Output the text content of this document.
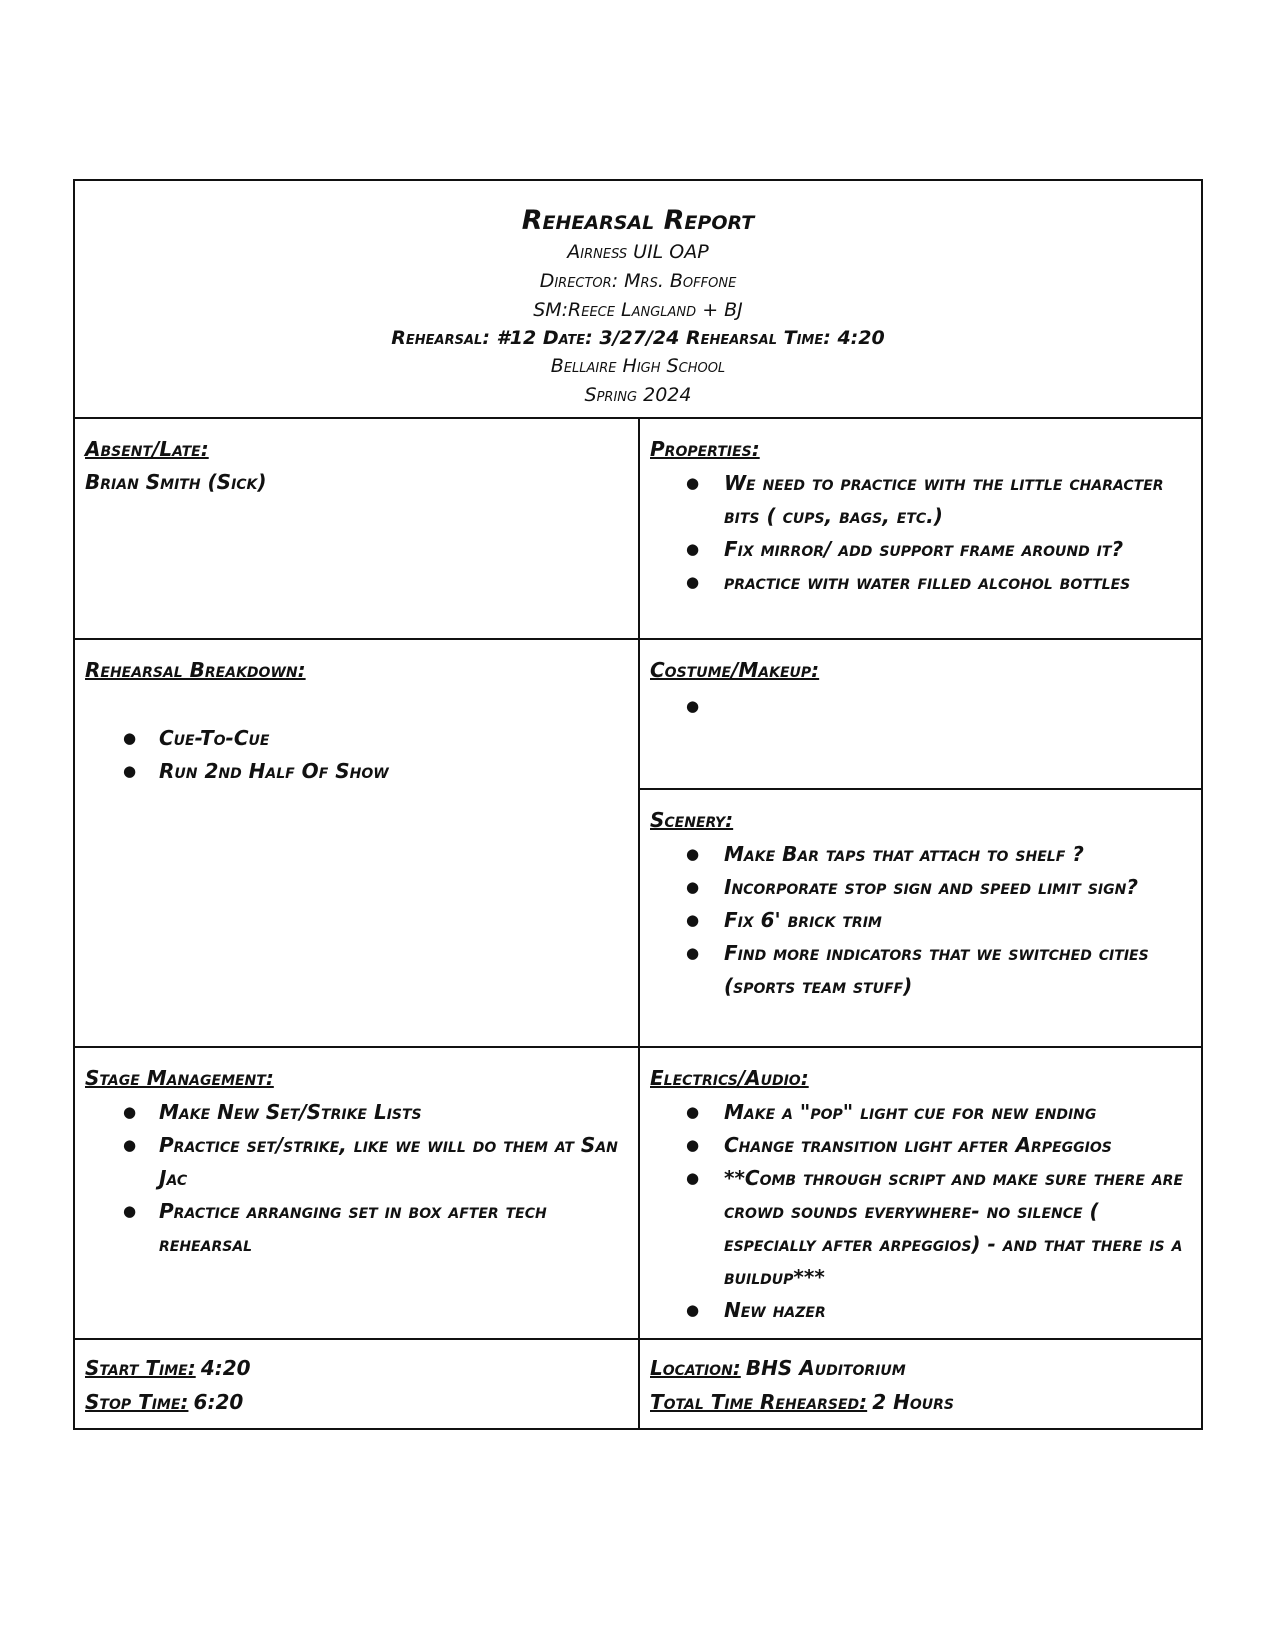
Rehearsal Report
Airness UIL OAP
Director: Mrs. Boffone
SM:Reece Langland + BJ
Rehearsal: #12 Date: 3/27/24 Rehearsal Time: 4:20
Bellaire High School
Spring 2024
Absent/Late:
Brian Smith (Sick)
Properties:
● We need to practice with the little character bits ( cups, bags, etc.)
● Fix mirror/ add support frame around it?
● practice with water filled alcohol bottles
Rehearsal Breakdown:
● Cue-To-Cue
● Run 2nd Half Of Show
Costume/Makeup:
●
Scenery:
● Make Bar taps that attach to shelf ?
● Incorporate stop sign and speed limit sign?
● Fix 6' brick trim
● Find more indicators that we switched cities (sports team stuff)
Stage Management:
● Make New Set/Strike Lists
● Practice set/strike, like we will do them at San Jac
● Practice arranging set in box after tech rehearsal
Electrics/Audio:
● Make a "pop" light cue for new ending
● Change transition light after Arpeggios
● **Comb through script and make sure there are crowd sounds everywhere- no silence ( especially after arpeggios) - and that there is a buildup***
● New hazer
Start Time: 4:20
Stop Time: 6:20
Location: BHS Auditorium
Total Time Rehearsed: 2 Hours
